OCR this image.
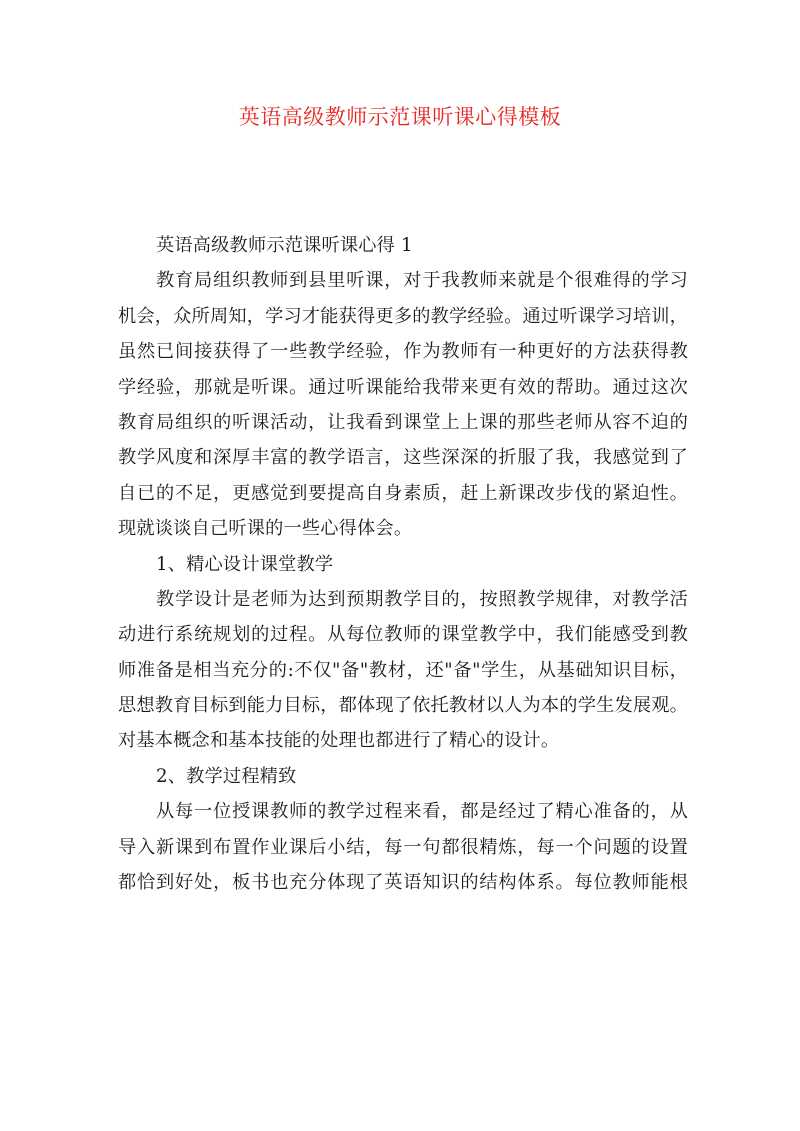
英语高级教师示范课听课心得模板
英语高级教师示范课听课心得 1
教育局组织教师到县里听课，对于我教师来就是个很难得的学习
机会，众所周知，学习才能获得更多的教学经验。通过听课学习培训，
虽然已间接获得了一些教学经验，作为教师有一种更好的方法获得教
学经验，那就是听课。通过听课能给我带来更有效的帮助。通过这次
教育局组织的听课活动，让我看到课堂上上课的那些老师从容不迫的
教学风度和深厚丰富的教学语言，这些深深的折服了我，我感觉到了
自已的不足，更感觉到要提高自身素质，赶上新课改步伐的紧迫性。
现就谈谈自己听课的一些心得体会。
1、精心设计课堂教学
教学设计是老师为达到预期教学目的，按照教学规律，对教学活
动进行系统规划的过程。从每位教师的课堂教学中，我们能感受到教
师准备是相当充分的:不仅"备"教材，还"备"学生，从基础知识目标，
思想教育目标到能力目标，都体现了依托教材以人为本的学生发展观。
对基本概念和基本技能的处理也都进行了精心的设计。
2、教学过程精致
从每一位授课教师的教学过程来看，都是经过了精心准备的，从
导入新课到布置作业课后小结，每一句都很精炼，每一个问题的设置
都恰到好处，板书也充分体现了英语知识的结构体系。每位教师能根
